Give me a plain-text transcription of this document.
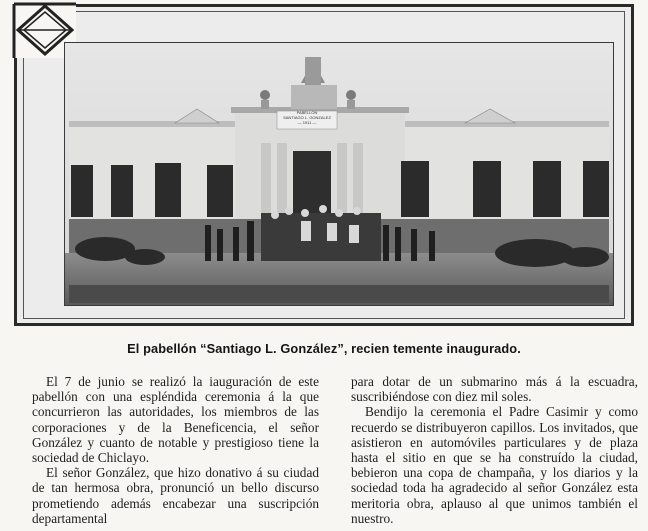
PABELLON
SANTIAGO L. GONZALEZ
— 1911 —
El pabellón “Santiago L. González”, recien temente inaugurado.

El 7 de junio se realizó la iauguración de este pabellón con una espléndida ceremonia á la que concurrieron las autoridades, los miembros de las corporaciones y de la Beneficencia, el señor González y cuanto de notable y prestigioso tiene la sociedad de Chiclayo.

El señor González, que hizo donativo á su ciudad de tan hermosa obra, pronunció un bello discurso prometiendo además encabezar una suscripción departamental

para dotar de un submarino más á la escuadra, suscribiéndose con diez mil soles.

Bendijo la ceremonia el Padre Casimir y como recuerdo se distribuyeron capillos. Los invitados, que asistieron en automóviles particulares y de plaza hasta el sitio en que se ha construído la ciudad, bebieron una copa de champaña, y los diarios y la sociedad toda ha agradecido al señor González esta meritoria obra, aplauso al que unimos también el nuestro.
